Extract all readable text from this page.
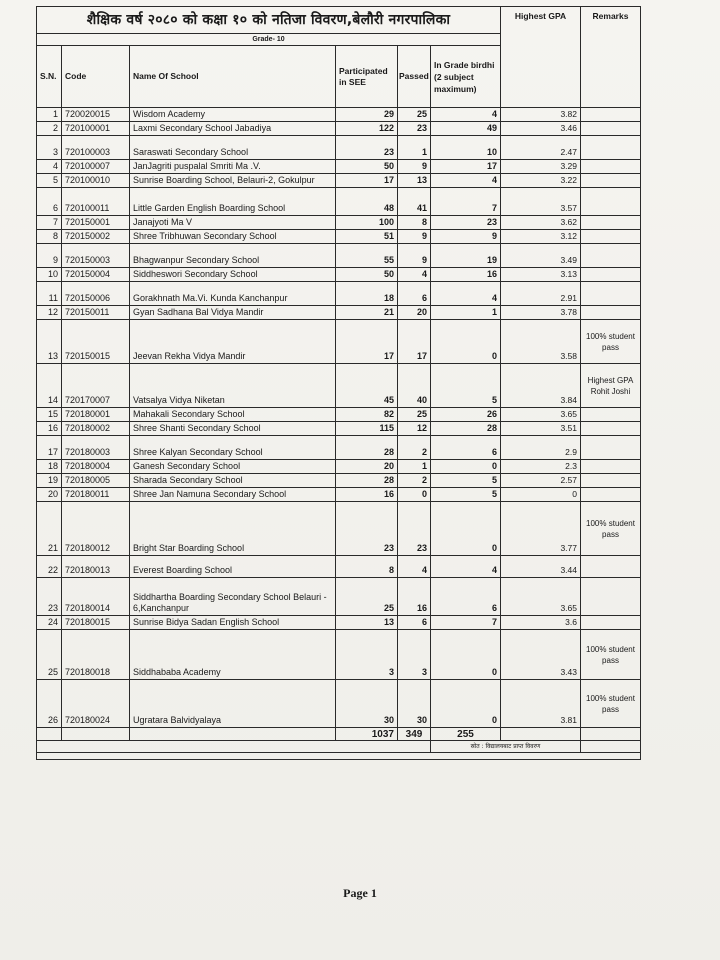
शैक्षिक वर्ष २०८० को कक्षा १० को नतिजा विवरण,बेलौरी नगरपालिका						Highest GPA	Remarks
Grade- 10							
S.N.	Code	Name Of School	Participated in SEE	Passed	In Grade birdhi (2 subject maximum)		
1	720020015	Wisdom Academy	29	25	4	3.82	
2	720100001	Laxmi Secondary School Jabadiya	122	23	49	3.46	
3	720100003	Saraswati Secondary School	23	1	10	2.47	
4	720100007	JanJagriti puspalal Smriti Ma .V.	50	9	17	3.29	
5	720100010	Sunrise Boarding School, Belauri-2, Gokulpur	17	13	4	3.22	
6	720100011	Little Garden English Boarding School	48	41	7	3.57	
7	720150001	Janajyoti Ma V	100	8	23	3.62	
8	720150002	Shree Tribhuwan Secondary School	51	9	9	3.12	
9	720150003	Bhagwanpur Secondary School	55	9	19	3.49	
10	720150004	Siddheswori Secondary School	50	4	16	3.13	
11	720150006	Gorakhnath Ma.Vi. Kunda Kanchanpur	18	6	4	2.91	
12	720150011	Gyan Sadhana Bal Vidya Mandir	21	20	1	3.78	
13	720150015	Jeevan Rekha Vidya Mandir	17	17	0	3.58	100% student pass
14	720170007	Vatsalya Vidya Niketan	45	40	5	3.84	Highest GPA Rohit Joshi
15	720180001	Mahakali Secondary School	82	25	26	3.65	
16	720180002	Shree Shanti Secondary School	115	12	28	3.51	
17	720180003	Shree Kalyan Secondary School	28	2	6	2.9	
18	720180004	Ganesh Secondary School	20	1	0	2.3	
19	720180005	Sharada Secondary School	28	2	5	2.57	
20	720180011	Shree Jan Namuna Secondary School	16	0	5	0	
21	720180012	Bright Star Boarding School	23	23	0	3.77	100% student pass
22	720180013	Everest Boarding School	8	4	4	3.44	
23	720180014	Siddhartha Boarding Secondary School Belauri - 6,Kanchanpur	25	16	6	3.65	
24	720180015	Sunrise Bidya Sadan English School	13	6	7	3.6	
25	720180018	Siddhababa Academy	3	3	0	3.43	100% student pass
26	720180024	Ugratara Balvidyalaya	30	30	0	3.81	100% student pass
			1037	349	255		
					स्रोत : विद्यालयबाट प्राप्त विवरण		

Page 1
